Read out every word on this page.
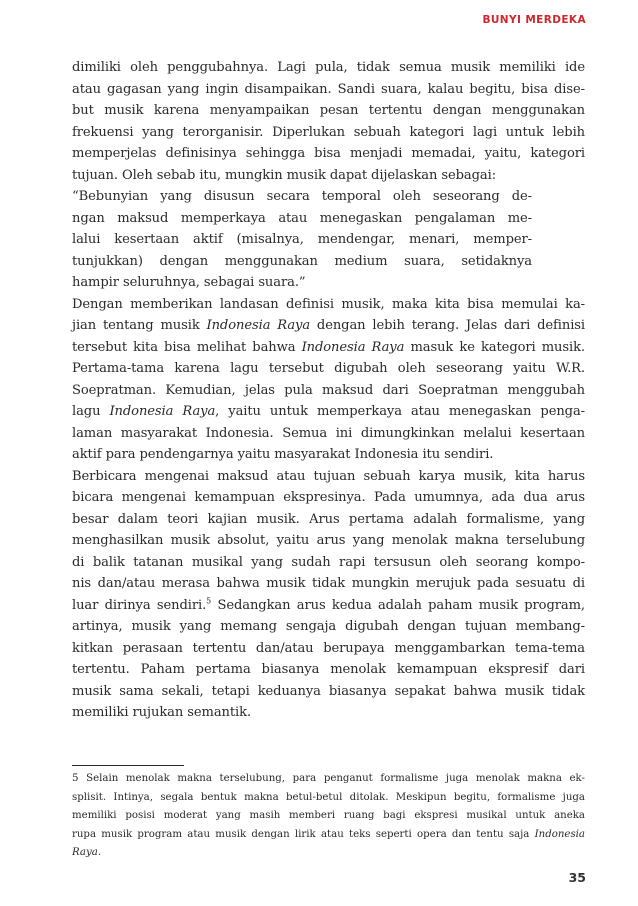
BUNYI MERDEKA

dimiliki oleh penggubahnya. Lagi pula, tidak semua musik memiliki ide
atau gagasan yang ingin disampaikan. Sandi suara, kalau begitu, bisa dise-
but musik karena menyampaikan pesan tertentu dengan menggunakan
frekuensi yang terorganisir. Diperlukan sebuah kategori lagi untuk lebih
memperjelas definisinya sehingga bisa menjadi memadai, yaitu, kategori
tujuan. Oleh sebab itu, mungkin musik dapat dijelaskan sebagai:

“Bebunyian yang disusun secara temporal oleh seseorang de-
ngan maksud memperkaya atau menegaskan pengalaman me-
lalui kesertaan aktif (misalnya, mendengar, menari, memper-
tunjukkan) dengan menggunakan medium suara, setidaknya
hampir seluruhnya, sebagai suara.”

Dengan memberikan landasan definisi musik, maka kita bisa memulai ka-
jian tentang musik Indonesia Raya dengan lebih terang. Jelas dari definisi
tersebut kita bisa melihat bahwa Indonesia Raya masuk ke kategori musik.
Pertama-tama karena lagu tersebut digubah oleh seseorang yaitu W.R.
Soepratman. Kemudian, jelas pula maksud dari Soepratman menggubah
lagu Indonesia Raya, yaitu untuk memperkaya atau menegaskan penga-
laman masyarakat Indonesia. Semua ini dimungkinkan melalui kesertaan
aktif para pendengarnya yaitu masyarakat Indonesia itu sendiri.

Berbicara mengenai maksud atau tujuan sebuah karya musik, kita harus
bicara mengenai kemampuan ekspresinya. Pada umumnya, ada dua arus
besar dalam teori kajian musik. Arus pertama adalah formalisme, yang
menghasilkan musik absolut, yaitu arus yang menolak makna terselubung
di balik tatanan musikal yang sudah rapi tersusun oleh seorang kompo-
nis dan/atau merasa bahwa musik tidak mungkin merujuk pada sesuatu di
luar dirinya sendiri.$^5$ Sedangkan arus kedua adalah paham musik program,
artinya, musik yang memang sengaja digubah dengan tujuan membang-
kitkan perasaan tertentu dan/atau berupaya menggambarkan tema-tema
tertentu. Paham pertama biasanya menolak kemampuan ekspresif dari
musik sama sekali, tetapi keduanya biasanya sepakat bahwa musik tidak
memiliki rujukan semantik.

5 Selain menolak makna terselubung, para penganut formalisme juga menolak makna ek-
splisit. Intinya, segala bentuk makna betul-betul ditolak. Meskipun begitu, formalisme juga
memiliki posisi moderat yang masih memberi ruang bagi ekspresi musikal untuk aneka
rupa musik program atau musik dengan lirik atau teks seperti opera dan tentu saja Indonesia
Raya.
35
